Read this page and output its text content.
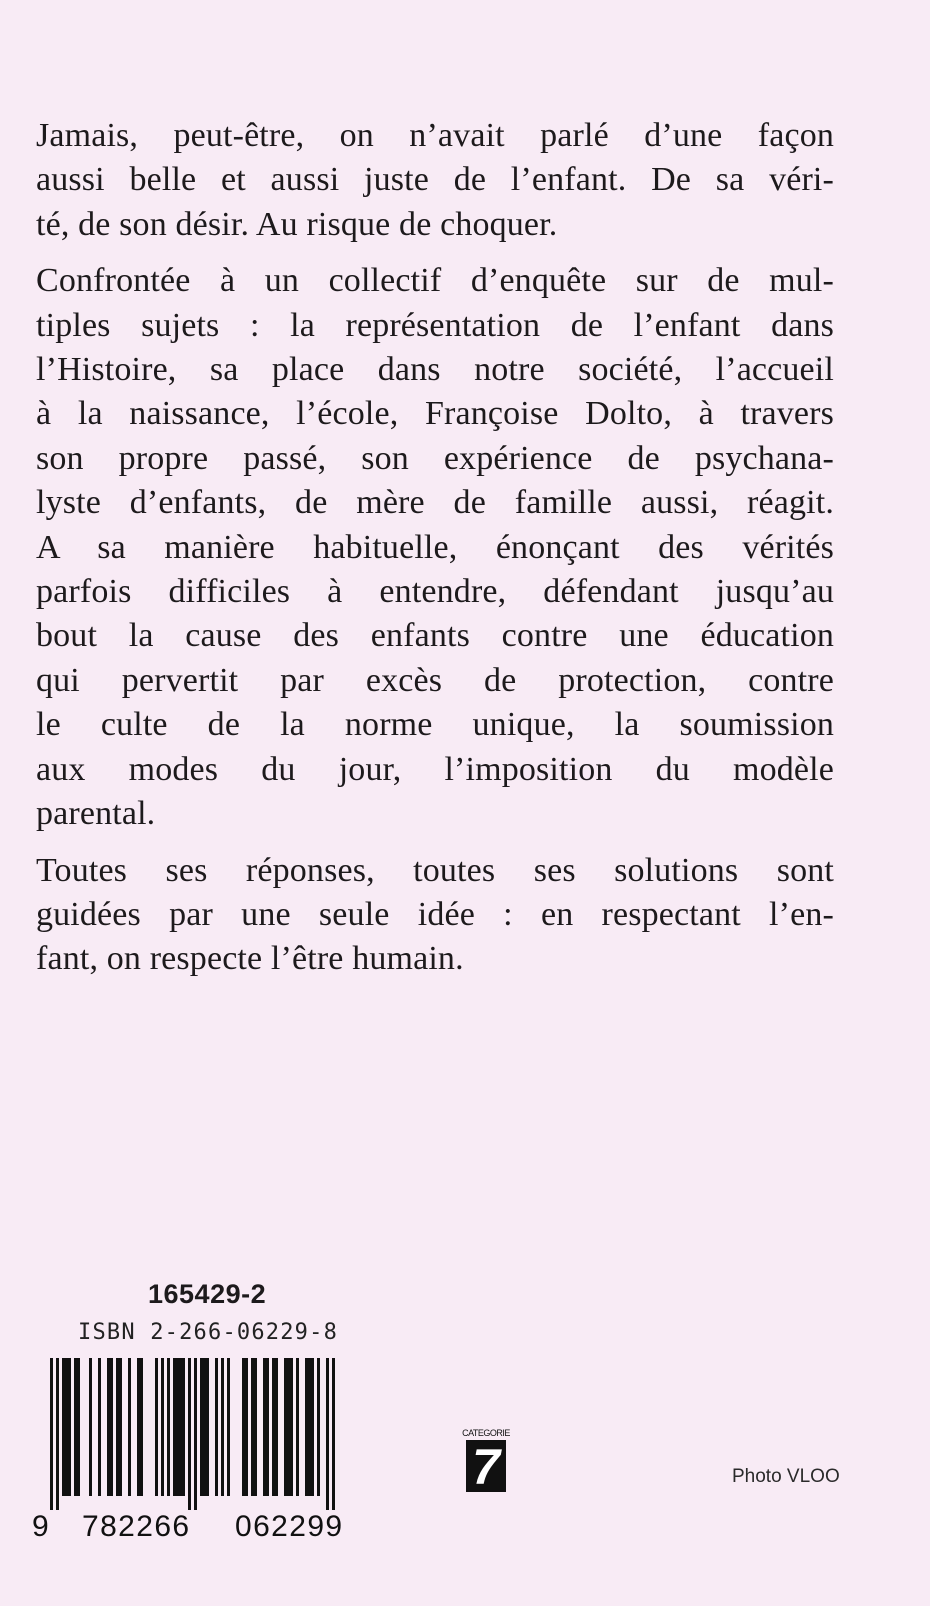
Jamais, peut-être, on n’avait parlé d’une façon
aussi belle et aussi juste de l’enfant. De sa véri-
té, de son désir. Au risque de choquer.

Confrontée à un collectif d’enquête sur de mul-
tiples sujets : la représentation de l’enfant dans
l’Histoire, sa place dans notre société, l’accueil
à la naissance, l’école, Françoise Dolto, à travers
son propre passé, son expérience de psychana-
lyste d’enfants, de mère de famille aussi, réagit.
A sa manière habituelle, énonçant des vérités
parfois difficiles à entendre, défendant jusqu’au
bout la cause des enfants contre une éducation
qui pervertit par excès de protection, contre
le culte de la norme unique, la soumission
aux modes du jour, l’imposition du modèle
parental.

Toutes ses réponses, toutes ses solutions sont
guidées par une seule idée : en respectant l’en-
fant, on respecte l’être humain.

165429-2
ISBN 2-266-06229-8
9 782266 062299
CATEGORIE
7	Photo VLOO
